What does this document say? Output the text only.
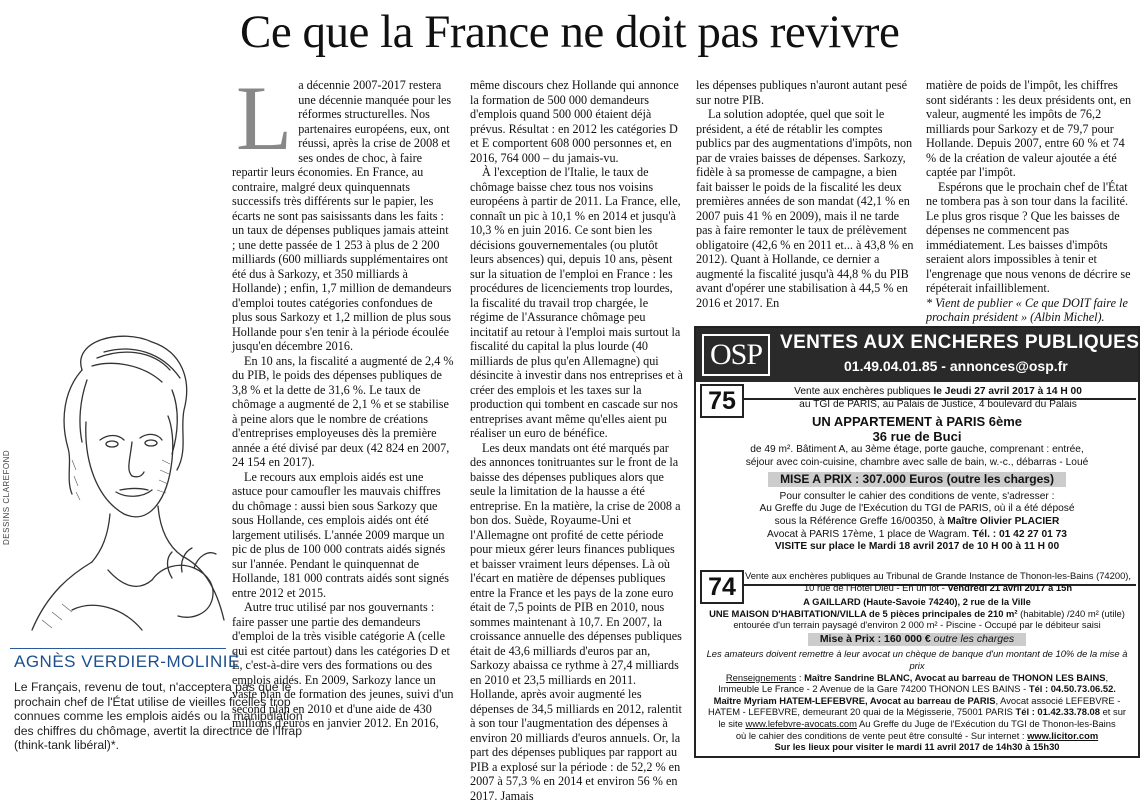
Ce que la France ne doit pas revivre

La décennie 2007-2017 restera une décennie manquée pour les réformes structurelles. Nos partenaires européens, eux, ont réussi, après la crise de 2008 et ses ondes de choc, à faire repartir leurs économies. En France, au contraire, malgré deux quinquennats successifs très différents sur le papier, les écarts ne sont pas saisissants dans les faits : un taux de dépenses publiques jamais atteint ; une dette passée de 1 253 à plus de 2 200 milliards (600 milliards supplémentaires ont été dus à Sarkozy, et 350 milliards à Hollande) ; enfin, 1,7 million de demandeurs d'emploi toutes catégories confondues de plus sous Sarkozy et 1,2 million de plus sous Hollande pour s'en tenir à la période écoulée jusqu'en décembre 2016.

En 10 ans, la fiscalité a augmenté de 2,4 % du PIB, le poids des dépenses publiques de 3,8 % et la dette de 31,6 %. Le taux de chômage a augmenté de 2,1 % et se stabilise à peine alors que le nombre de créations d'entreprises employeuses dès la première année a été divisé par deux (42 824 en 2007, 24 154 en 2017).

Le recours aux emplois aidés est une astuce pour camoufler les mauvais chiffres du chômage : aussi bien sous Sarkozy que sous Hollande, ces emplois aidés ont été largement utilisés. L'année 2009 marque un pic de plus de 100 000 contrats aidés signés sur l'année. Pendant le quinquennat de Hollande, 181 000 contrats aidés sont signés entre 2012 et 2015.

Autre truc utilisé par nos gouvernants : faire passer une partie des demandeurs d'emploi de la très visible catégorie A (celle qui est citée partout) dans les catégories D et E, c'est-à-dire vers des formations ou des emplois aidés. En 2009, Sarkozy lance un vaste plan de formation des jeunes, suivi d'un second plan en 2010 et d'une aide de 430 millions d'euros en janvier 2012. En 2016,

même discours chez Hollande qui annonce la formation de 500 000 demandeurs d'emplois quand 500 000 étaient déjà prévus. Résultat : en 2012 les catégories D et E comportent 608 000 personnes et, en 2016, 764 000 – du jamais-vu.

À l'exception de l'Italie, le taux de chômage baisse chez tous nos voisins européens à partir de 2011. La France, elle, connaît un pic à 10,1 % en 2014 et jusqu'à 10,3 % en juin 2016. Ce sont bien les décisions gouvernementales (ou plutôt leurs absences) qui, depuis 10 ans, pèsent sur la situation de l'emploi en France : les procédures de licenciements trop lourdes, la fiscalité du travail trop chargée, le régime de l'Assurance chômage peu incitatif au retour à l'emploi mais surtout la fiscalité du capital la plus lourde (40 milliards de plus qu'en Allemagne) qui désincite à investir dans nos entreprises et à créer des emplois et les taxes sur la production qui tombent en cascade sur nos entreprises avant même qu'elles aient pu réaliser un euro de bénéfice.

Les deux mandats ont été marqués par des annonces tonitruantes sur le front de la baisse des dépenses publiques alors que seule la limitation de la hausse a été entreprise. En la matière, la crise de 2008 a bon dos. Suède, Royaume-Uni et l'Allemagne ont profité de cette période pour mieux gérer leurs finances publiques et baisser vraiment leurs dépenses. Là où l'écart en matière de dépenses publiques entre la France et les pays de la zone euro était de 7,5 points de PIB en 2010, nous sommes maintenant à 10,7. En 2007, la croissance annuelle des dépenses publiques était de 43,6 milliards d'euros par an, Sarkozy abaissa ce rythme à 27,4 milliards en 2010 et 23,5 milliards en 2011. Hollande, après avoir augmenté les dépenses de 34,5 milliards en 2012, ralentit à son tour l'augmentation des dépenses à environ 20 milliards d'euros annuels. Or, la part des dépenses publiques par rapport au PIB a explosé sur la période : de 52,2 % en 2007 à 57,3 % en 2014 et environ 56 % en 2017. Jamais

les dépenses publiques n'auront autant pesé sur notre PIB.

La solution adoptée, quel que soit le président, a été de rétablir les comptes publics par des augmentations d'impôts, non par de vraies baisses de dépenses. Sarkozy, fidèle à sa promesse de campagne, a bien fait baisser le poids de la fiscalité les deux premières années de son mandat (42,1 % en 2007 puis 41 % en 2009), mais il ne tarde pas à faire remonter le taux de prélèvement obligatoire (42,6 % en 2011 et... à 43,8 % en 2012). Quant à Hollande, ce dernier a augmenté la fiscalité jusqu'à 44,8 % du PIB avant d'opérer une stabilisation à 44,5 % en 2016 et 2017. En

matière de poids de l'impôt, les chiffres sont sidérants : les deux présidents ont, en valeur, augmenté les impôts de 76,2 milliards pour Sarkozy et de 79,7 pour Hollande. Depuis 2007, entre 60 % et 74 % de la création de valeur ajoutée a été captée par l'impôt.

Espérons que le prochain chef de l'État ne tombera pas à son tour dans la facilité. Le plus gros risque ? Que les baisses de dépenses ne commencent pas immédiatement. Les baisses d'impôts seraient alors impossibles à tenir et l'engrenage que nous venons de décrire se répéterait infailliblement.

* Vient de publier « Ce que DOIT faire le prochain président » (Albin Michel).

DESSINS CLAREFOND
AGNÈS VERDIER-MOLINIÉ
Le Français, revenu de tout, n'acceptera pas que le prochain chef de l'État utilise de vieilles ficelles trop connues comme les emplois aidés ou la manipulation des chiffres du chômage, avertit la directrice de l'Ifrap (think-tank libéral)*.
OSP VENTES AUX ENCHERES PUBLIQUES
01.49.04.01.85 - annonces@osp.fr
75	Vente aux enchères publiques le Jeudi 27 avril 2017 à 14 H 00
au TGI de PARIS, au Palais de Justice, 4 boulevard du Palais
UN APPARTEMENT à PARIS 6ème
36 rue de Buci
de 49 m². Bâtiment A, au 3ème étage, porte gauche, comprenant : entrée,
séjour avec coin-cuisine, chambre avec salle de bain, w.-c., débarras - Loué
MISE A PRIX : 307.000 Euros (outre les charges)
Pour consulter le cahier des conditions de vente, s'adresser :
Au Greffe du Juge de l'Exécution du TGI de PARIS, où il a été déposé
sous la Référence Greffe 16/00350, à Maître Olivier PLACIER
Avocat à PARIS 17ème, 1 place de Wagram. Tél. : 01 42 27 01 73
VISITE sur place le Mardi 18 avril 2017 de 10 H 00 à 11 H 00
74 Vente aux enchères publiques au Tribunal de Grande Instance de Thonon-les-Bains (74200),
10 rue de l'Hôtel Dieu - En un lot - Vendredi 21 avril 2017 à 15h
A GAILLARD (Haute-Savoie 74240), 2 rue de la Ville
UNE MAISON D'HABITATION/VILLA de 5 pièces principales de 210 m² (habitable) /240 m² (utile)
entourée d'un terrain paysagé d'environ 2 000 m² - Piscine - Occupé par le débiteur saisi
Mise à Prix : 160 000 € outre les charges
Les amateurs doivent remettre à leur avocat un chèque de banque d'un montant de 10% de la mise à prix
Renseignements : Maître Sandrine BLANC, Avocat au barreau de THONON LES BAINS,
Immeuble Le France - 2 Avenue de la Gare 74200 THONON LES BAINS - Tél : 04.50.73.06.52.
Maître Myriam HATEM-LEFEBVRE, Avocat au barreau de PARIS, Avocat associé LEFEBVRE -
HATEM - LEFEBVRE, demeurant 20 quai de la Mégisserie, 75001 PARIS Tél : 01.42.33.78.08 et sur
le site www.lefebvre-avocats.com Au Greffe du Juge de l'Exécution du TGI de Thonon-les-Bains
où le cahier des conditions de vente peut être consulté - Sur internet : www.licitor.com
Sur les lieux pour visiter le mardi 11 avril 2017 de 14h30 à 15h30
